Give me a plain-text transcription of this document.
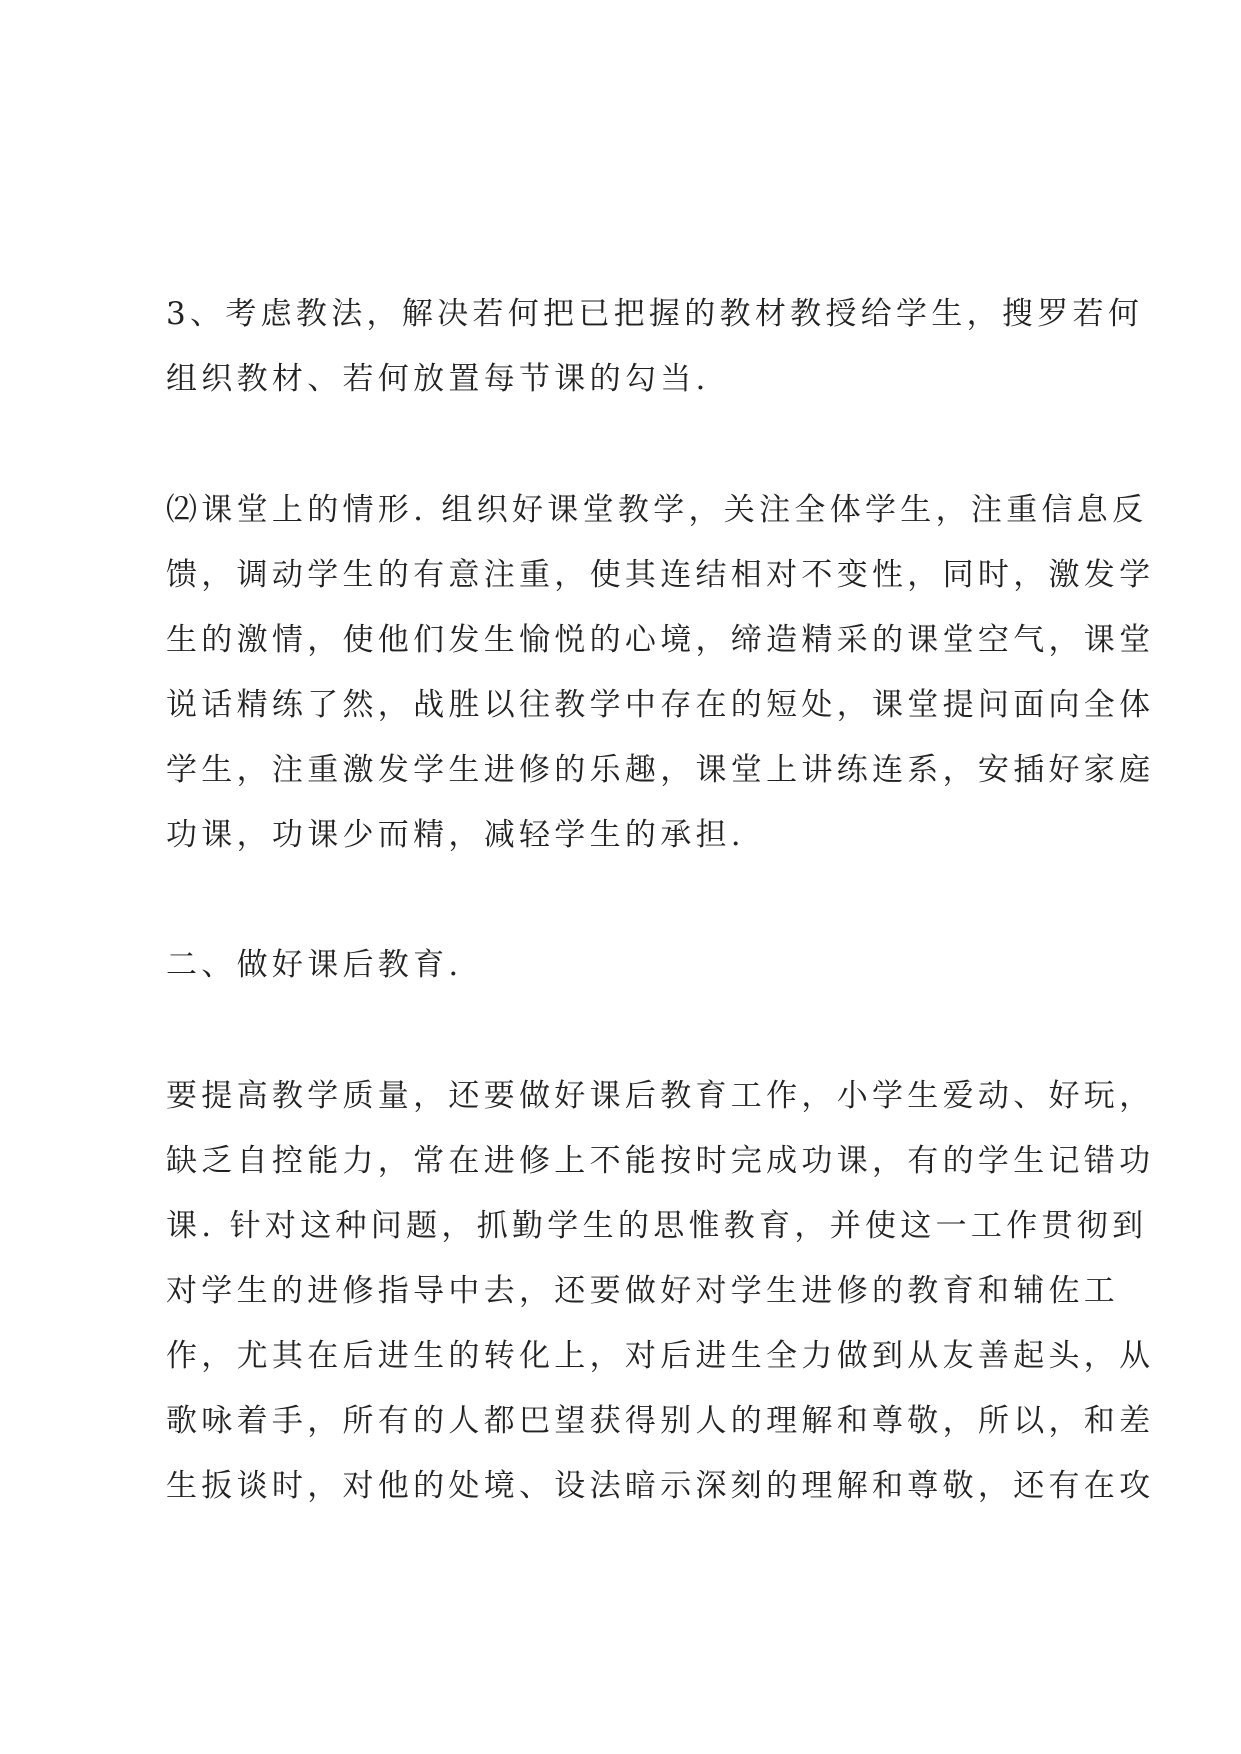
3、考虑教法，解决若何把已把握的教材教授给学生，搜罗若何

组织教材、若何放置每节课的勾当.

⑵课堂上的情形. 组织好课堂教学，关注全体学生，注重信息反

馈，调动学生的有意注重，使其连结相对不变性，同时，激发学

生的激情，使他们发生愉悦的心境，缔造精采的课堂空气，课堂

说话精练了然，战胜以往教学中存在的短处，课堂提问面向全体

学生，注重激发学生进修的乐趣，课堂上讲练连系，安插好家庭

功课，功课少而精，减轻学生的承担.

二、做好课后教育.

要提高教学质量，还要做好课后教育工作，小学生爱动、好玩，

缺乏自控能力，常在进修上不能按时完成功课，有的学生记错功

课. 针对这种问题，抓勤学生的思惟教育，并使这一工作贯彻到

对学生的进修指导中去，还要做好对学生进修的教育和辅佐工

作，尤其在后进生的转化上，对后进生全力做到从友善起头，从

歌咏着手，所有的人都巴望获得别人的理解和尊敬，所以，和差

生扳谈时，对他的处境、设法暗示深刻的理解和尊敬，还有在攻
